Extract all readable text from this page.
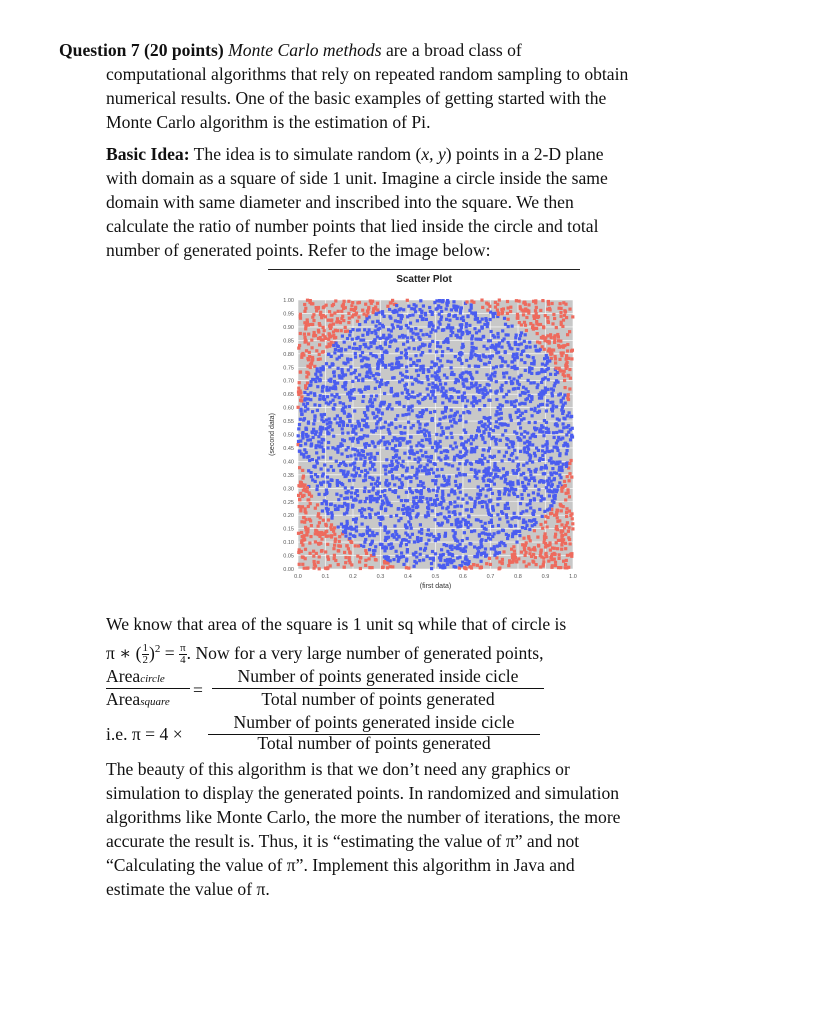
Question 7 (20 points) Monte Carlo methods are a broad class of
computational algorithms that rely on repeated random sampling to obtain
numerical results. One of the basic examples of getting started with the
Monte Carlo algorithm is the estimation of Pi.
Basic Idea: The idea is to simulate random (x, y) points in a 2-D plane
with domain as a square of side 1 unit. Imagine a circle inside the same
domain with same diameter and inscribed into the square. We then
calculate the ratio of number points that lied inside the circle and total
number of generated points. Refer to the image below:
Scatter Plot
1.00
0.95
0.90
0.85
0.80
0.75
0.70
0.65
0.60
0.55
0.50
0.45
0.40
0.35
0.30
0.25
0.20
0.15
0.10
0.05
0.00
0.0	0.1	0.2	0.3	0.4	0.5	0.6	0.7	0.8	0.9	1.0
(first data)
(second data)
We know that area of the square is 1 unit sq while that of circle is
π ∗ ( $\frac{1}{2} )^2 = \frac{\pi}{4}$ . Now for a very large number of generated points,
Areacircle
Areasquare
=
Number of points generated inside cicle
Total number of points generated
i.e. π = 4 ×
Number of points generated inside cicle
Total number of points generated
The beauty of this algorithm is that we don’t need any graphics or
simulation to display the generated points. In randomized and simulation
algorithms like Monte Carlo, the more the number of iterations, the more
accurate the result is. Thus, it is “estimating the value of π” and not
“Calculating the value of π”. Implement this algorithm in Java and
estimate the value of π.
